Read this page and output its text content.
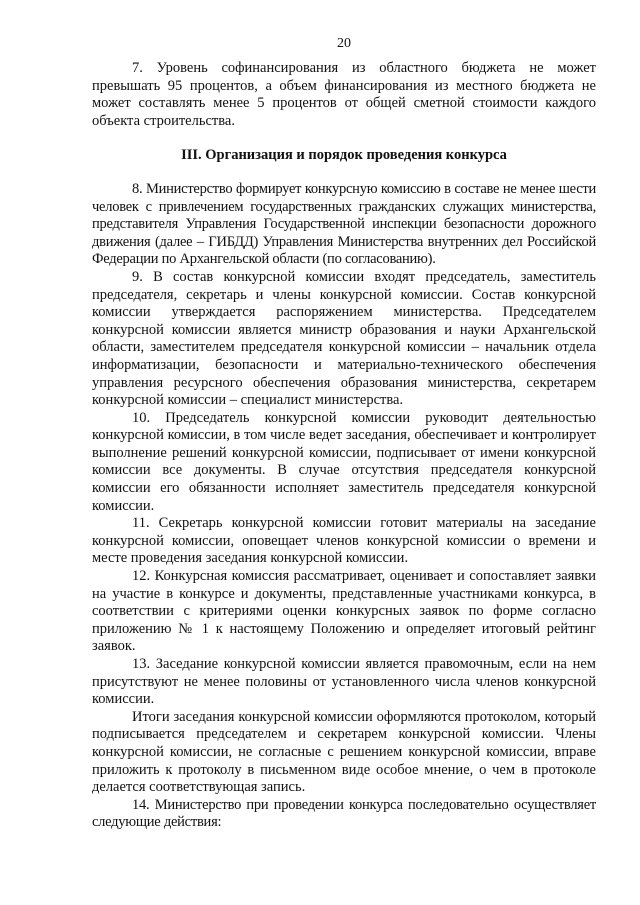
20

7. Уровень софинансирования из областного бюджета не может превышать 95 процентов, а объем финансирования из местного бюджета не может составлять менее 5 процентов от общей сметной стоимости каждого объекта строительства.

III. Организация и порядок проведения конкурса

8. Министерство формирует конкурсную комиссию в составе не менее шести человек с привлечением государственных гражданских служащих министерства, представителя Управления Государственной инспекции безопасности дорожного движения (далее – ГИБДД) Управления Министерства внутренних дел Российской Федерации по Архангельской области (по согласованию).

9. В состав конкурсной комиссии входят председатель, заместитель председателя, секретарь и члены конкурсной комиссии. Состав конкурсной комиссии утверждается распоряжением министерства. Председателем конкурсной комиссии является министр образования и науки Архангельской области, заместителем председателя конкурсной комиссии – начальник отдела информатизации, безопасности и материально-технического обеспечения управления ресурсного обеспечения образования министерства, секретарем конкурсной комиссии – специалист министерства.

10. Председатель конкурсной комиссии руководит деятельностью конкурсной комиссии, в том числе ведет заседания, обеспечивает и контролирует выполнение решений конкурсной комиссии, подписывает от имени конкурсной комиссии все документы. В случае отсутствия председателя конкурсной комиссии его обязанности исполняет заместитель председателя конкурсной комиссии.

11. Секретарь конкурсной комиссии готовит материалы на заседание конкурсной комиссии, оповещает членов конкурсной комиссии о времени и месте проведения заседания конкурсной комиссии.

12. Конкурсная комиссия рассматривает, оценивает и сопоставляет заявки на участие в конкурсе и документы, представленные участниками конкурса, в соответствии с критериями оценки конкурсных заявок по форме согласно приложению № 1 к настоящему Положению и определяет итоговый рейтинг заявок.

13. Заседание конкурсной комиссии является правомочным, если на нем присутствуют не менее половины от установленного числа членов конкурсной комиссии.

Итоги заседания конкурсной комиссии оформляются протоколом, который подписывается председателем и секретарем конкурсной комиссии. Члены конкурсной комиссии, не согласные с решением конкурсной комиссии, вправе приложить к протоколу в письменном виде особое мнение, о чем в протоколе делается соответствующая запись.

14. Министерство при проведении конкурса последовательно осуществляет следующие действия:
